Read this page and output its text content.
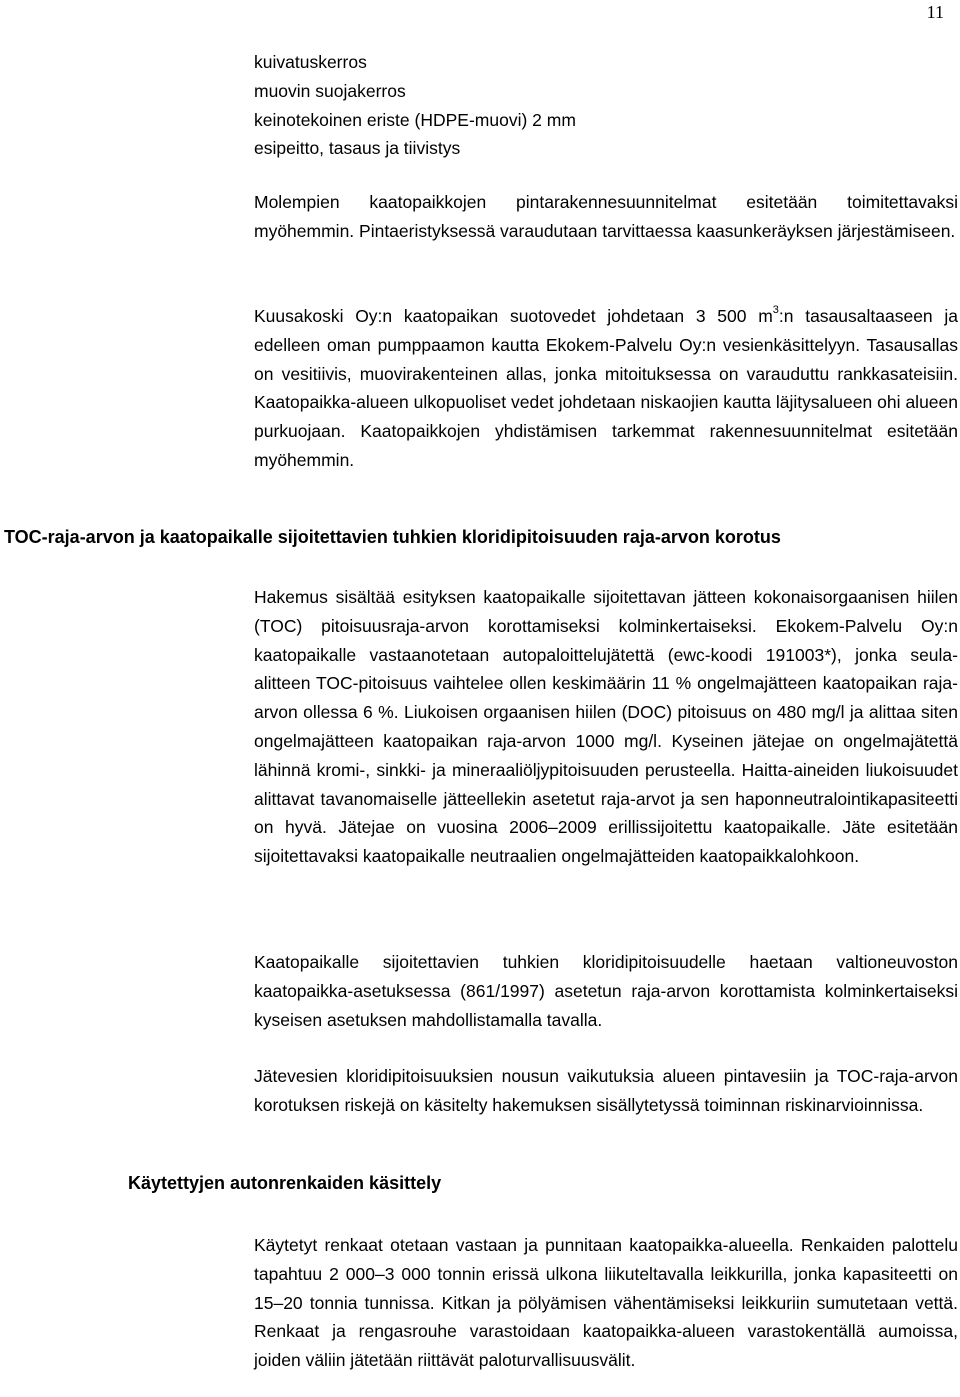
11
kuivatuskerros
muovin suojakerros
keinotekoinen eriste (HDPE-muovi) 2 mm
esipeitto, tasaus ja tiivistys
Molempien kaatopaikkojen pintarakennesuunnitelmat esitetään toimitettavaksi myöhemmin. Pintaeristyksessä varaudutaan tarvittaessa kaasunkeräyksen järjestämiseen.
Kuusakoski Oy:n kaatopaikan suotovedet johdetaan 3 500 $m^3:n$ tasausaltaaseen ja edelleen oman pumppaamon kautta Ekokem-Palvelu Oy:n vesienkäsittelyyn. Tasausallas on vesitiivis, muovirakenteinen allas, jonka mitoituksessa on varauduttu rankkasateisiin. Kaatopaikka-alueen ulkopuoliset vedet johdetaan niskaojien kautta läjitysalueen ohi alueen purkuojaan. Kaatopaikkojen yhdistämisen tarkemmat rakennesuunnitelmat esitetään myöhemmin.
TOC-raja-arvon ja kaatopaikalle sijoitettavien tuhkien kloridipitoisuuden raja-arvon korotus
Hakemus sisältää esityksen kaatopaikalle sijoitettavan jätteen kokonaisorgaanisen hiilen (TOC) pitoisuusraja-arvon korottamiseksi kolminkertaiseksi. Ekokem-Palvelu Oy:n kaatopaikalle vastaanotetaan autopaloittelujätettä (ewc-koodi 191003*), jonka seula-alitteen TOC-pitoisuus vaihtelee ollen keskimäärin 11 % ongelmajätteen kaatopaikan raja-arvon ollessa 6 %. Liukoisen orgaanisen hiilen (DOC) pitoisuus on 480 mg/l ja alittaa siten ongelmajätteen kaatopaikan raja-arvon 1000 mg/l. Kyseinen jätejae on ongelmajätettä lähinnä kromi-, sinkki- ja mineraaliöljypitoisuuden perusteella. Haitta-aineiden liukoisuudet alittavat tavanomaiselle jätteellekin asetetut raja-arvot ja sen haponneutralointikapasiteetti on hyvä. Jätejae on vuosina 2006–2009 erillissijoitettu kaatopaikalle. Jäte esitetään sijoitettavaksi kaatopaikalle neutraalien ongelmajätteiden kaatopaikkalohkoon.
Kaatopaikalle sijoitettavien tuhkien kloridipitoisuudelle haetaan valtioneuvoston kaatopaikka-asetuksessa (861/1997) asetetun raja-arvon korottamista kolminkertaiseksi kyseisen asetuksen mahdollistamalla tavalla.
Jätevesien kloridipitoisuuksien nousun vaikutuksia alueen pintavesiin ja TOC-raja-arvon korotuksen riskejä on käsitelty hakemuksen sisällytetyssä toiminnan riskinarvioinnissa.
Käytettyjen autonrenkaiden käsittely
Käytetyt renkaat otetaan vastaan ja punnitaan kaatopaikka-alueella. Renkaiden palottelu tapahtuu 2 000–3 000 tonnin erissä ulkona liikuteltavalla leikkurilla, jonka kapasiteetti on 15–20 tonnia tunnissa. Kitkan ja pölyämisen vähentämiseksi leikkuriin sumutetaan vettä. Renkaat ja rengasrouhe varastoidaan kaatopaikka-alueen varastokentällä aumoissa, joiden väliin jätetään riittävät paloturvallisuusvälit.
